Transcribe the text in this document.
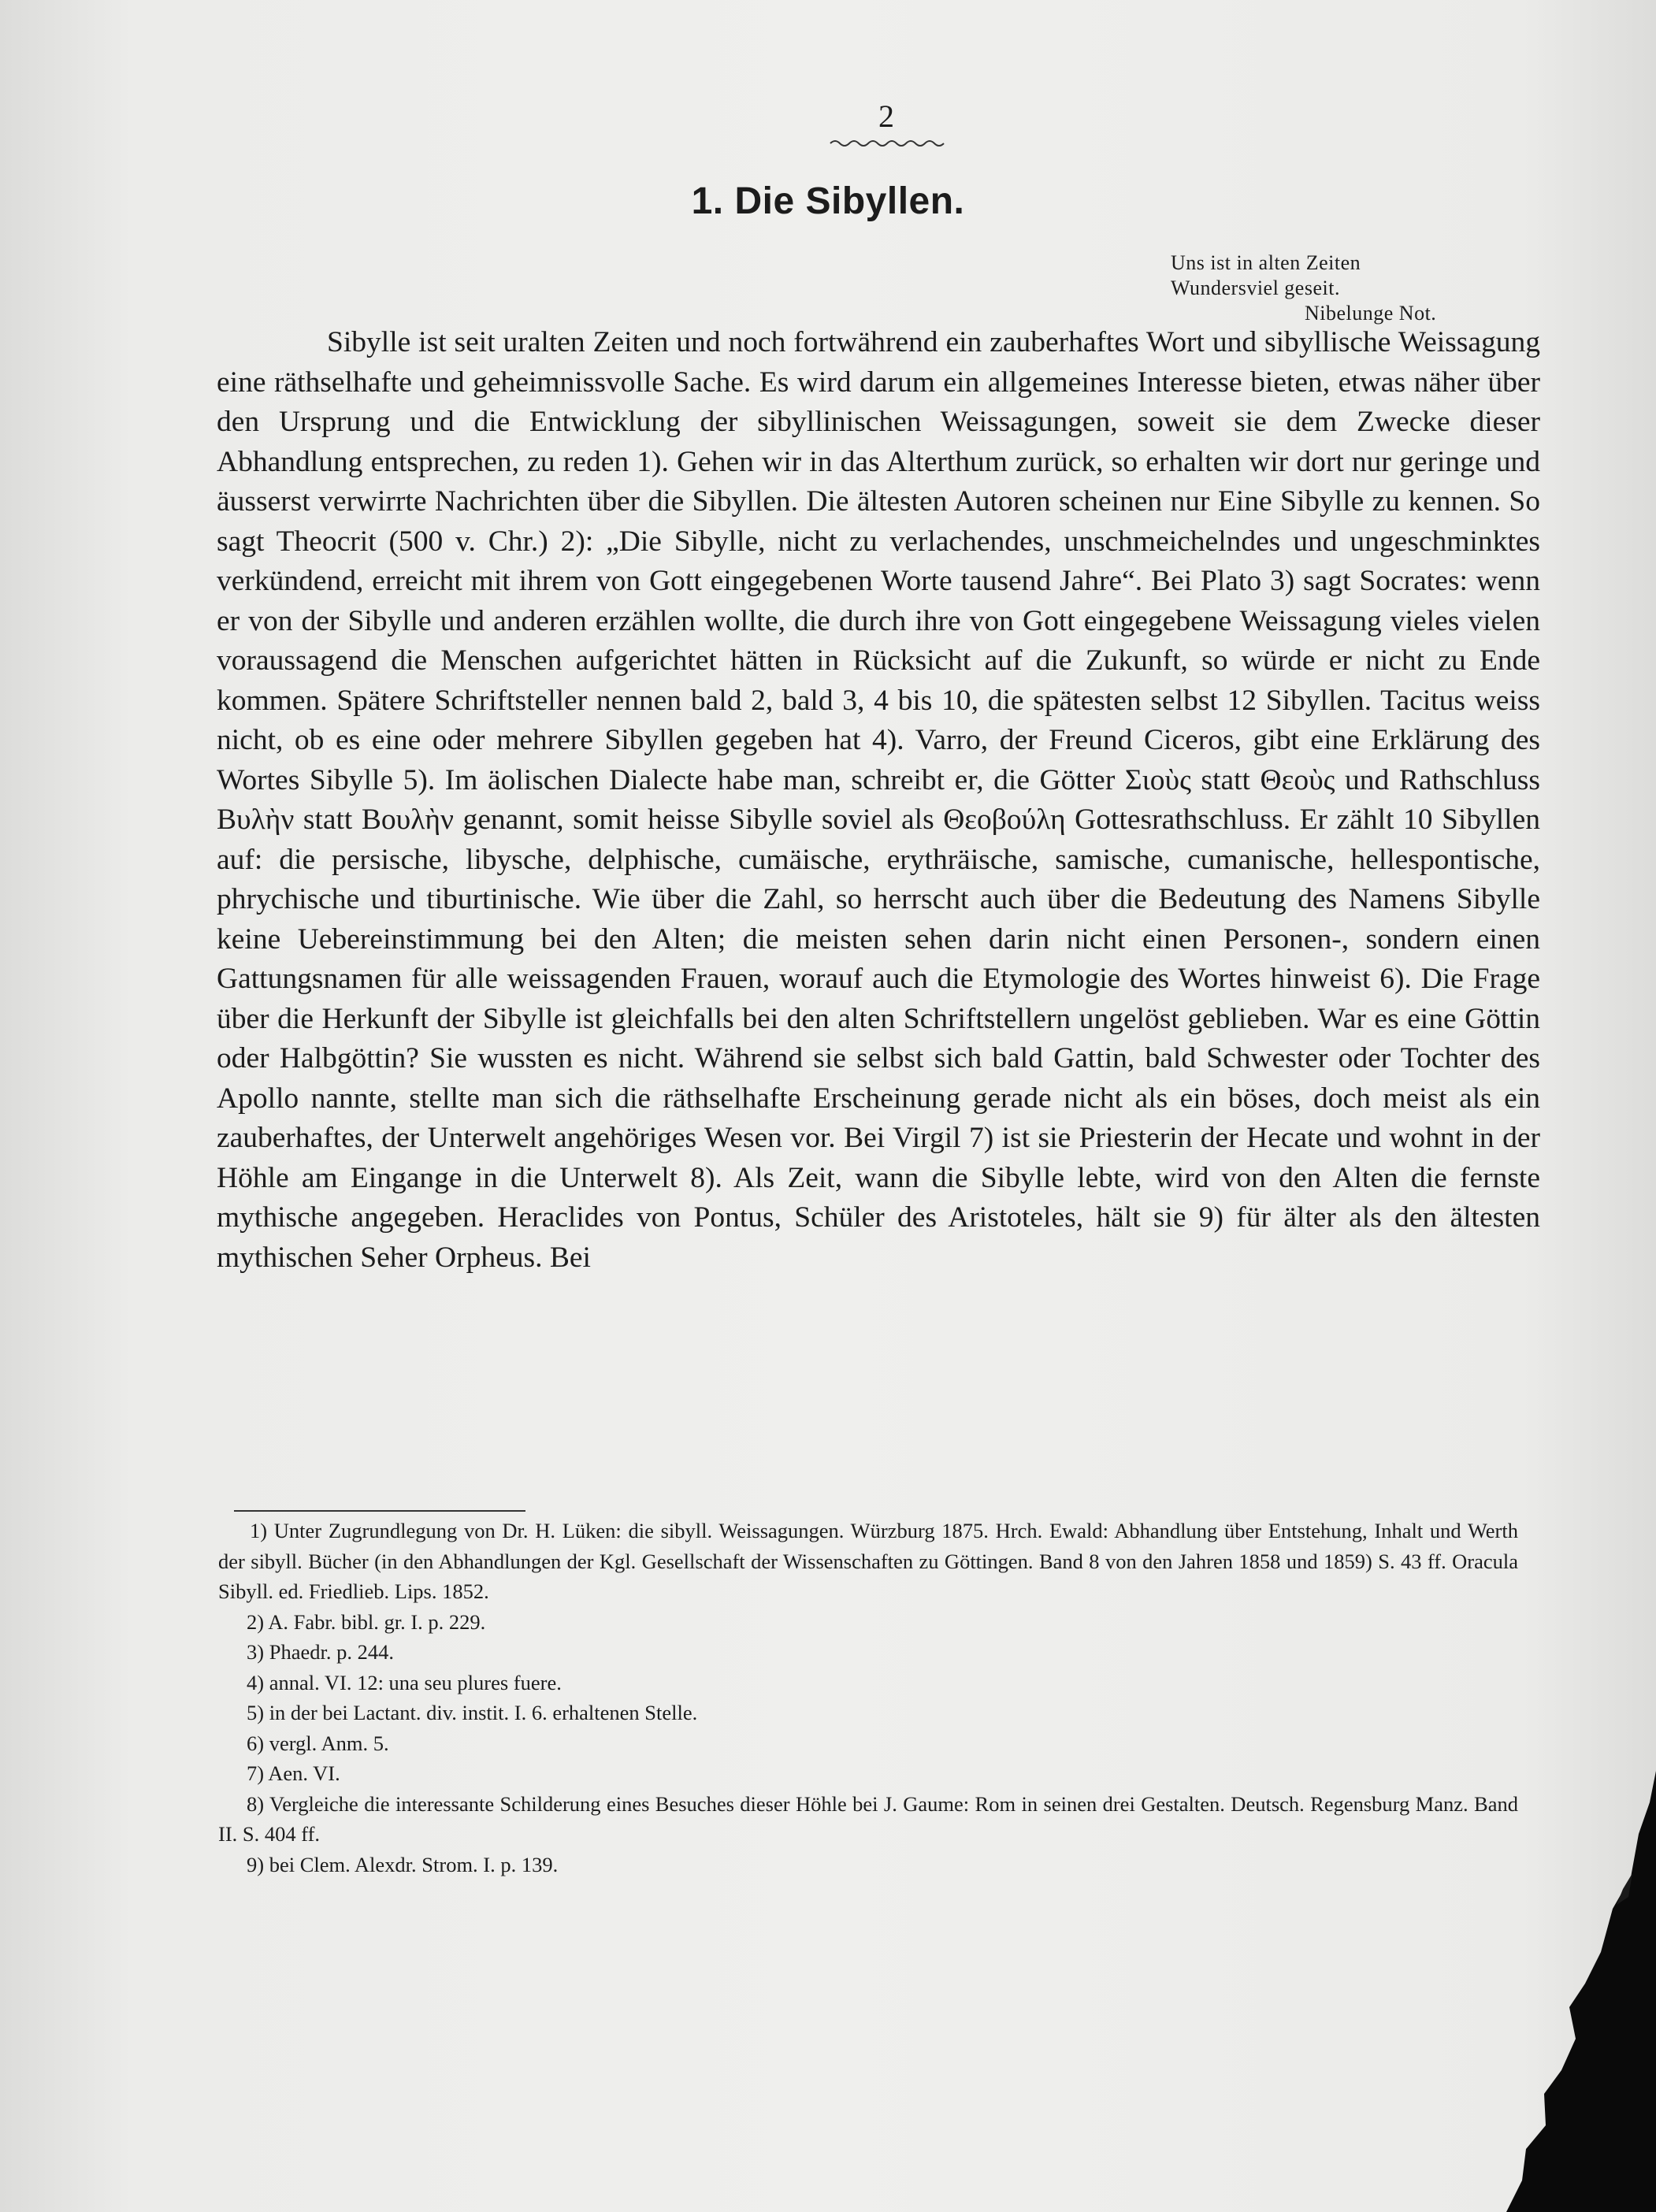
2
1. Die Sibyllen.
Uns ist in alten Zeiten
Wundersviel geseit.
Nibelunge Not.

Sibylle ist seit uralten Zeiten und noch fortwährend ein zauberhaftes Wort und sibyllische Weissagung eine räthselhafte und geheimnissvolle Sache. Es wird darum ein allgemeines Interesse bieten, etwas näher über den Ursprung und die Entwicklung der sibyllinischen Weissagungen, soweit sie dem Zwecke dieser Abhandlung entsprechen, zu reden 1). Gehen wir in das Alterthum zurück, so erhalten wir dort nur geringe und äusserst verwirrte Nachrichten über die Sibyllen. Die ältesten Autoren scheinen nur Eine Sibylle zu kennen. So sagt Theocrit (500 v. Chr.) 2): „Die Sibylle, nicht zu verlachendes, unschmeichelndes und ungeschminktes verkündend, erreicht mit ihrem von Gott eingegebenen Worte tausend Jahre“. Bei Plato 3) sagt Socrates: wenn er von der Sibylle und anderen erzählen wollte, die durch ihre von Gott eingegebene Weissagung vieles vielen voraussagend die Menschen aufgerichtet hätten in Rücksicht auf die Zukunft, so würde er nicht zu Ende kommen. Spätere Schriftsteller nennen bald 2, bald 3, 4 bis 10, die spätesten selbst 12 Sibyllen. Tacitus weiss nicht, ob es eine oder mehrere Sibyllen gegeben hat 4). Varro, der Freund Ciceros, gibt eine Erklärung des Wortes Sibylle 5). Im äolischen Dialecte habe man, schreibt er, die Götter Σιοὺς statt Θεοὺς und Rathschluss Βυλὴν statt Βουλὴν genannt, somit heisse Sibylle soviel als Θεοβούλη Gottesrathschluss. Er zählt 10 Sibyllen auf: die persische, libysche, delphische, cumäische, erythräische, samische, cumanische, hellespontische, phrychische und tiburtinische. Wie über die Zahl, so herrscht auch über die Bedeutung des Namens Sibylle keine Uebereinstimmung bei den Alten; die meisten sehen darin nicht einen Personen-, sondern einen Gattungsnamen für alle weissagenden Frauen, worauf auch die Etymologie des Wortes hinweist 6). Die Frage über die Herkunft der Sibylle ist gleichfalls bei den alten Schriftstellern ungelöst geblieben. War es eine Göttin oder Halbgöttin? Sie wussten es nicht. Während sie selbst sich bald Gattin, bald Schwester oder Tochter des Apollo nannte, stellte man sich die räthselhafte Erscheinung gerade nicht als ein böses, doch meist als ein zauberhaftes, der Unterwelt angehöriges Wesen vor. Bei Virgil 7) ist sie Priesterin der Hecate und wohnt in der Höhle am Eingange in die Unterwelt 8). Als Zeit, wann die Sibylle lebte, wird von den Alten die fernste mythische angegeben. Heraclides von Pontus, Schüler des Aristoteles, hält sie 9) für älter als den ältesten mythischen Seher Orpheus. Bei

1) Unter Zugrundlegung von Dr. H. Lüken: die sibyll. Weissagungen. Würzburg 1875. Hrch. Ewald: Abhandlung über Entstehung, Inhalt und Werth der sibyll. Bücher (in den Abhandlungen der Kgl. Gesellschaft der Wissenschaften zu Göttingen. Band 8 von den Jahren 1858 und 1859) S. 43 ff. Oracula Sibyll. ed. Friedlieb. Lips. 1852.

2) A. Fabr. bibl. gr. I. p. 229.

3) Phaedr. p. 244.

4) annal. VI. 12: una seu plures fuere.

5) in der bei Lactant. div. instit. I. 6. erhaltenen Stelle.

6) vergl. Anm. 5.

7) Aen. VI.

8) Vergleiche die interessante Schilderung eines Besuches dieser Höhle bei J. Gaume: Rom in seinen drei Gestalten. Deutsch. Regensburg Manz. Band II. S. 404 ff.

9) bei Clem. Alexdr. Strom. I. p. 139.
